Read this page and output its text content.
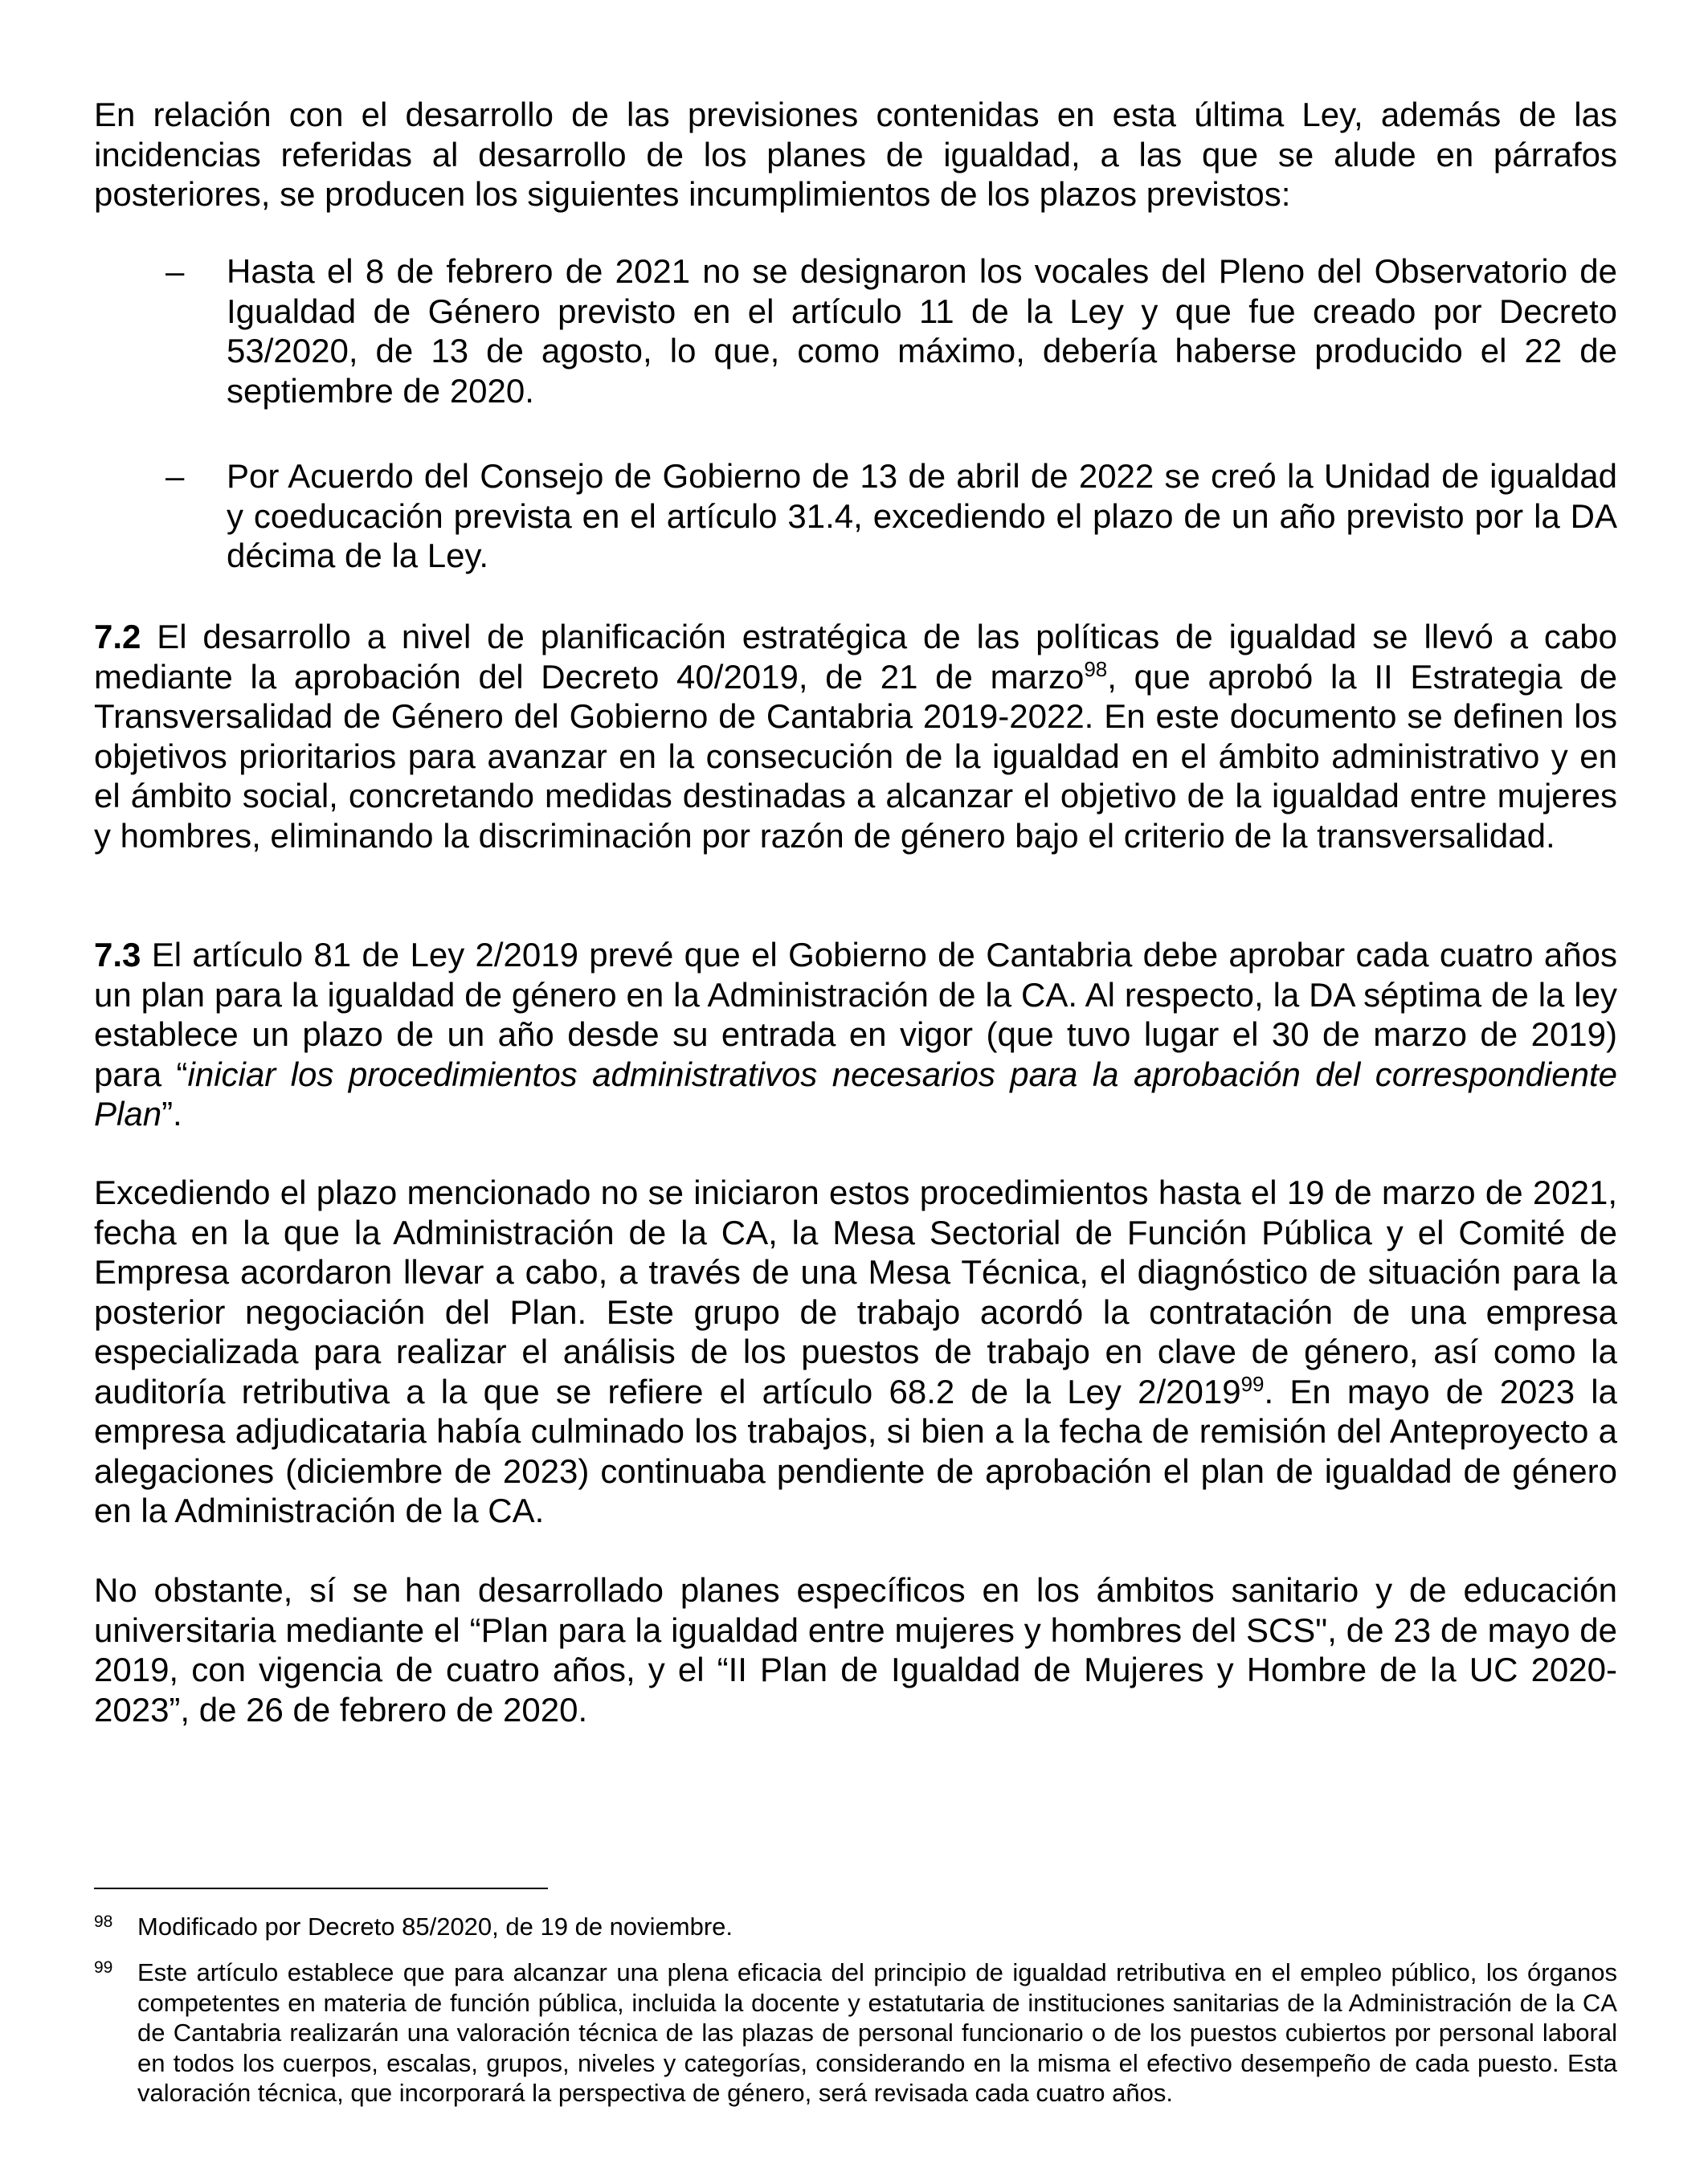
En relación con el desarrollo de las previsiones contenidas en esta última Ley, además de las incidencias referidas al desarrollo de los planes de igualdad, a las que se alude en párrafos posteriores, se producen los siguientes incumplimientos de los plazos previstos:

– Hasta el 8 de febrero de 2021 no se designaron los vocales del Pleno del Observatorio de Igualdad de Género previsto en el artículo 11 de la Ley y que fue creado por Decreto 53/2020, de 13 de agosto, lo que, como máximo, debería haberse producido el 22 de septiembre de 2020.
– Por Acuerdo del Consejo de Gobierno de 13 de abril de 2022 se creó la Unidad de igualdad y coeducación prevista en el artículo 31.4, excediendo el plazo de un año previsto por la DA décima de la Ley.

7.2 El desarrollo a nivel de planificación estratégica de las políticas de igualdad se llevó a cabo mediante la aprobación del Decreto 40/2019, de 21 de marzo$^{98}$, que aprobó la II Estrategia de Transversalidad de Género del Gobierno de Cantabria 2019-2022. En este documento se definen los objetivos prioritarios para avanzar en la consecución de la igualdad en el ámbito administrativo y en el ámbito social, concretando medidas destinadas a alcanzar el objetivo de la igualdad entre mujeres y hombres, eliminando la discriminación por razón de género bajo el criterio de la transversalidad.

7.3 El artículo 81 de Ley 2/2019 prevé que el Gobierno de Cantabria debe aprobar cada cuatro años un plan para la igualdad de género en la Administración de la CA. Al respecto, la DA séptima de la ley establece un plazo de un año desde su entrada en vigor (que tuvo lugar el 30 de marzo de 2019) para “iniciar los procedimientos administrativos necesarios para la aprobación del correspondiente Plan”.

Excediendo el plazo mencionado no se iniciaron estos procedimientos hasta el 19 de marzo de 2021, fecha en la que la Administración de la CA, la Mesa Sectorial de Función Pública y el Comité de Empresa acordaron llevar a cabo, a través de una Mesa Técnica, el diagnóstico de situación para la posterior negociación del Plan. Este grupo de trabajo acordó la contratación de una empresa especializada para realizar el análisis de los puestos de trabajo en clave de género, así como la auditoría retributiva a la que se refiere el artículo 68.2 de la Ley 2/2019$^{99}$. En mayo de 2023 la empresa adjudicataria había culminado los trabajos, si bien a la fecha de remisión del Anteproyecto a alegaciones (diciembre de 2023) continuaba pendiente de aprobación el plan de igualdad de género en la Administración de la CA.

No obstante, sí se han desarrollado planes específicos en los ámbitos sanitario y de educación universitaria mediante el “Plan para la igualdad entre mujeres y hombres del SCS", de 23 de mayo de 2019, con vigencia de cuatro años, y el “II Plan de Igualdad de Mujeres y Hombre de la UC 2020-2023”, de 26 de febrero de 2020.

98 Modificado por Decreto 85/2020, de 19 de noviembre.
99 Este artículo establece que para alcanzar una plena eficacia del principio de igualdad retributiva en el empleo público, los órganos competentes en materia de función pública, incluida la docente y estatutaria de instituciones sanitarias de la Administración de la CA de Cantabria realizarán una valoración técnica de las plazas de personal funcionario o de los puestos cubiertos por personal laboral en todos los cuerpos, escalas, grupos, niveles y categorías, considerando en la misma el efectivo desempeño de cada puesto. Esta valoración técnica, que incorporará la perspectiva de género, será revisada cada cuatro años.
